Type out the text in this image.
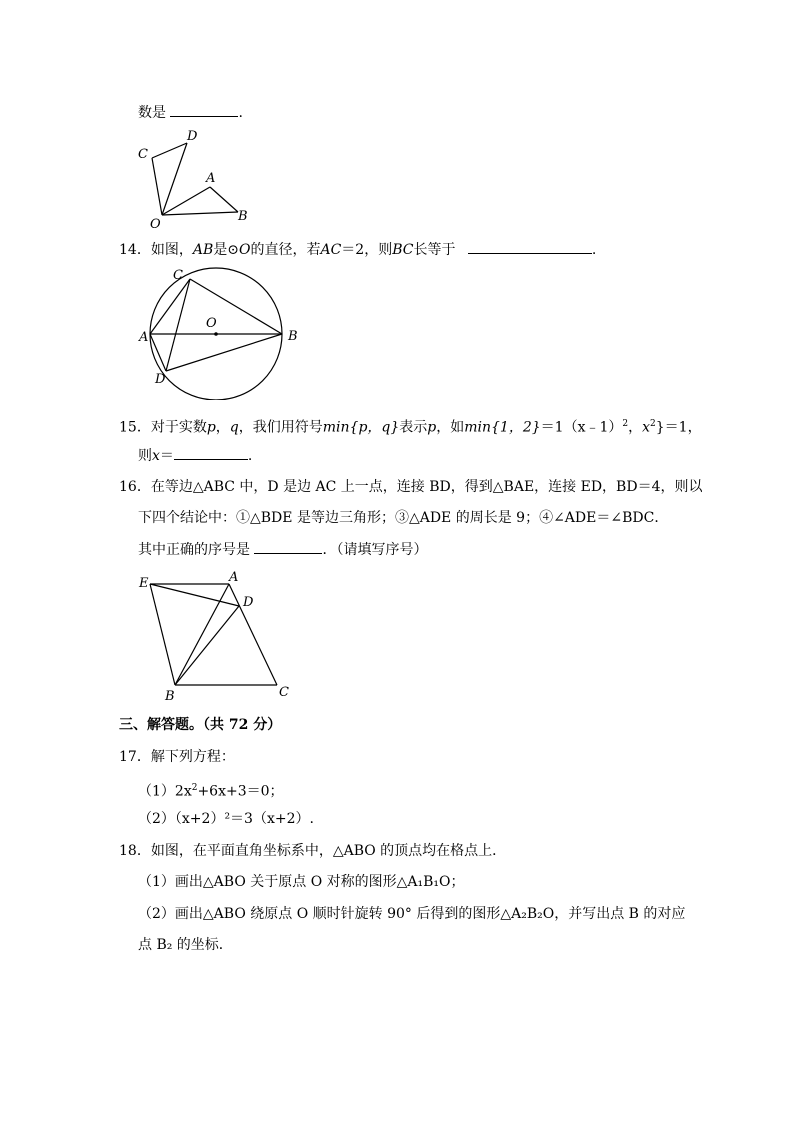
数是	.
D
C
A
O
B
14．如图，AB是⊙O的直径，若AC＝2，则BC长等于	.
C
O
A	B
D
15．对于实数p，q，我们用符号min{p，q}表示p，如min{1，2}＝1（x﹣1）$^2$，$x^2\}=1$，
则x＝	.
16．在等边△ABC 中，D 是边 AC 上一点，连接 BD，得到△BAE，连接 ED，BD＝4，则以
下四个结论中：①△BDE 是等边三角形；③△ADE 的周长是 9；④∠ADE＝∠BDC．
其中正确的序号是	．（请填写序号）
E	A
D
B	C
三、解答题。（共 72 分）
17．解下列方程：
$(1)2x^2+6x+3=0$；
（2）（x+2）²＝3（x+2）.
18．如图，在平面直角坐标系中，△ABO 的顶点均在格点上．
（1）画出△ABO 关于原点 O 对称的图形△A₁B₁O；
（2）画出△ABO 绕原点 O 顺时针旋转 90° 后得到的图形△A₂B₂O，并写出点 B 的对应
点 B₂ 的坐标．
